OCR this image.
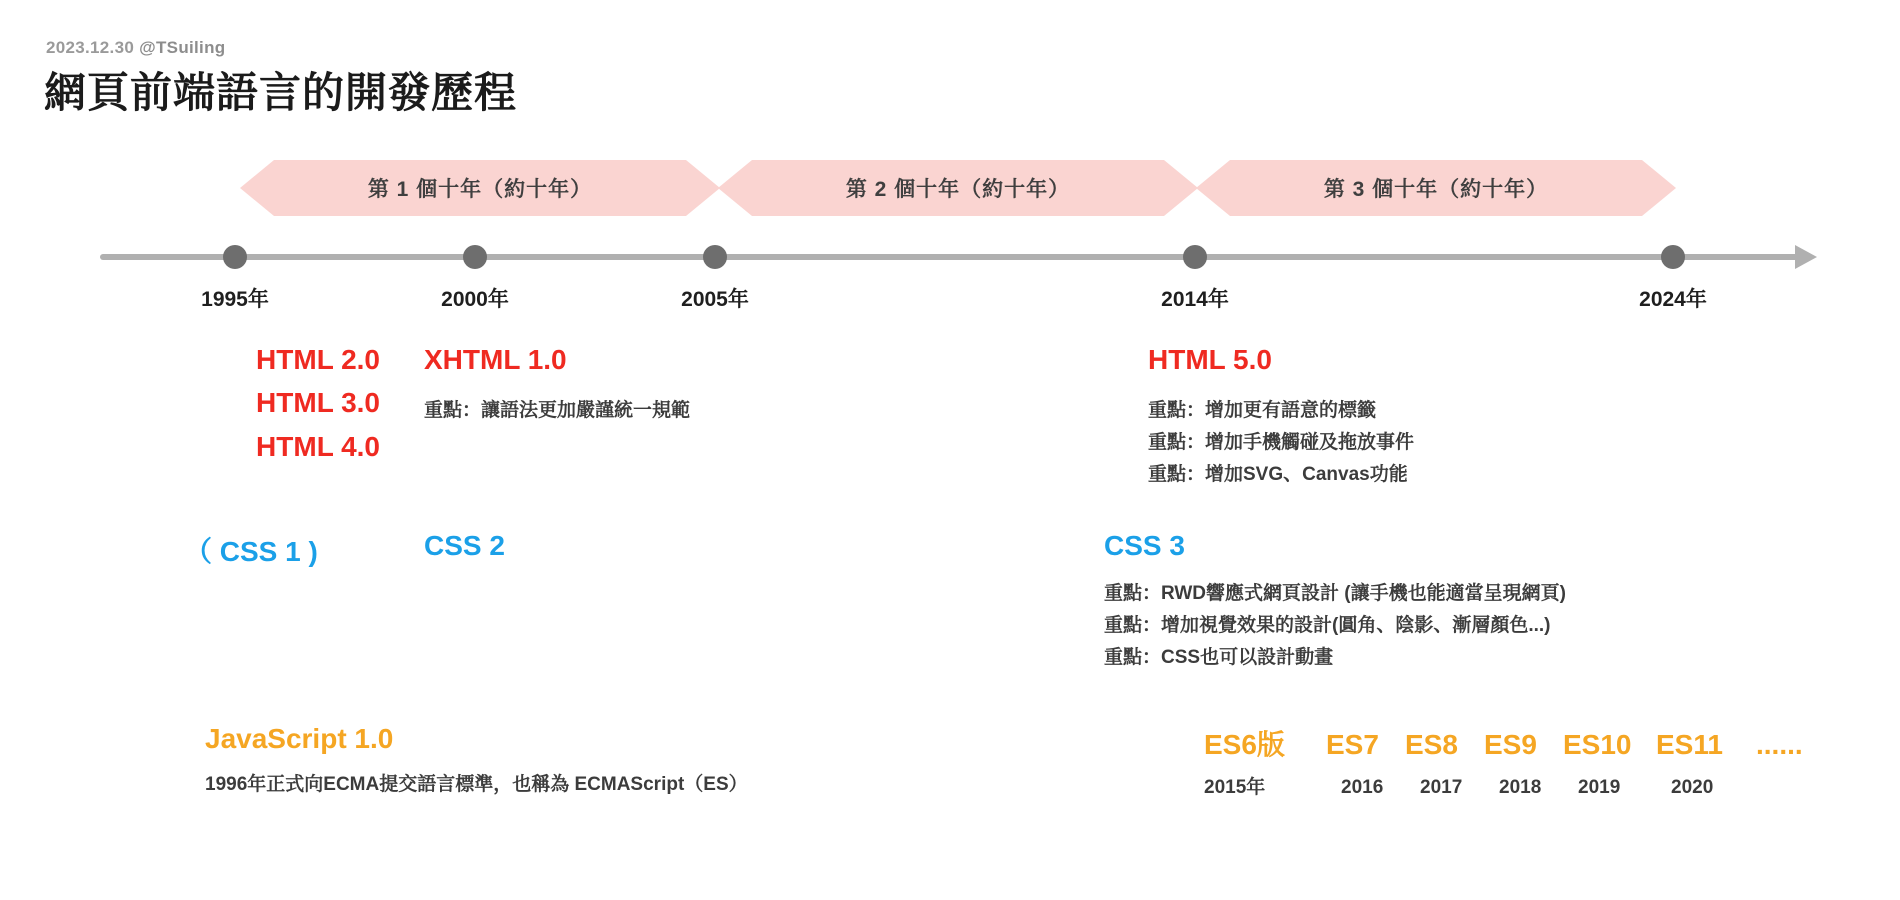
2023.12.30 @TSuiling
網頁前端語言的開發歷程
第 1 個十年（約十年）	第 2 個十年（約十年）	第 3 個十年（約十年）
1995年	2000年	2005年	2014年	2024年
HTML 2.0
HTML 3.0
HTML 4.0
XHTML 1.0
重點：讓語法更加嚴謹統一規範
HTML 5.0
重點：增加更有語意的標籤
重點：增加手機觸碰及拖放事件
重點：增加SVG、Canvas功能
（ CSS 1 )	CSS 2	CSS 3
重點：RWD響應式網頁設計 (讓手機也能適當呈現網頁)
重點：增加視覺效果的設計(圓角、陰影、漸層顏色...)
重點：CSS也可以設計動畫
JavaScript 1.0
1996年正式向ECMA提交語言標準，也稱為 ECMAScript（ES）
ES6版	ES7 ES8 ES9 ES10 ES11	......
2015年	2016	2017	2018	2019	2020
